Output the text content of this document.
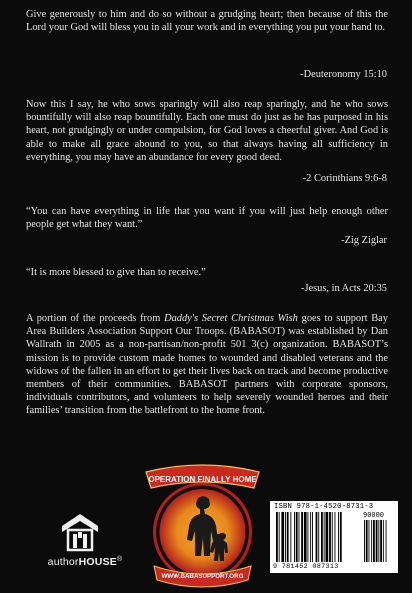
Give generously to him and do so without a grudging heart; then because of this the Lord your God will bless you in all your work and in everything you put your hand to.
-Deuteronomy 15:10
Now this I say, he who sows sparingly will also reap sparingly, and he who sows bountifully will also reap bountifully. Each one must do just as he has purposed in his heart, not grudgingly or under compulsion, for God loves a cheerful giver. And God is able to make all grace abound to you, so that always having all sufficiency in everything, you may have an abundance for every good deed.
-2 Corinthians 9:6-8
“You can have everything in life that you want if you will just help enough other people get what they want.”
-Zig Ziglar
“It is more blessed to give than to receive.”
-Jesus, in Acts 20:35
A portion of the proceeds from Daddy's Secret Christmas Wish goes to support Bay Area Builders Association Support Our Troops. (BABASOT) was established by Dan Wallrath in 2005 as a non-partisan/non-profit 501 3(c) organization. BABASOT’s mission is to provide custom made homes to wounded and disabled veterans and the widows of the fallen in an effort to get their lives back on track and become productive members of their communities. BABASOT partners with corporate sponsors, individuals contributors, and volunteers to help severely wounded heroes and their families’ transition from the battlefront to the home front.
authorHOUSE®
OPERATION FINALLY HOME
WWW.BABASUPPORT.ORG
ISBN 978-1-4520-8731-3
90000
9 781452 087313
